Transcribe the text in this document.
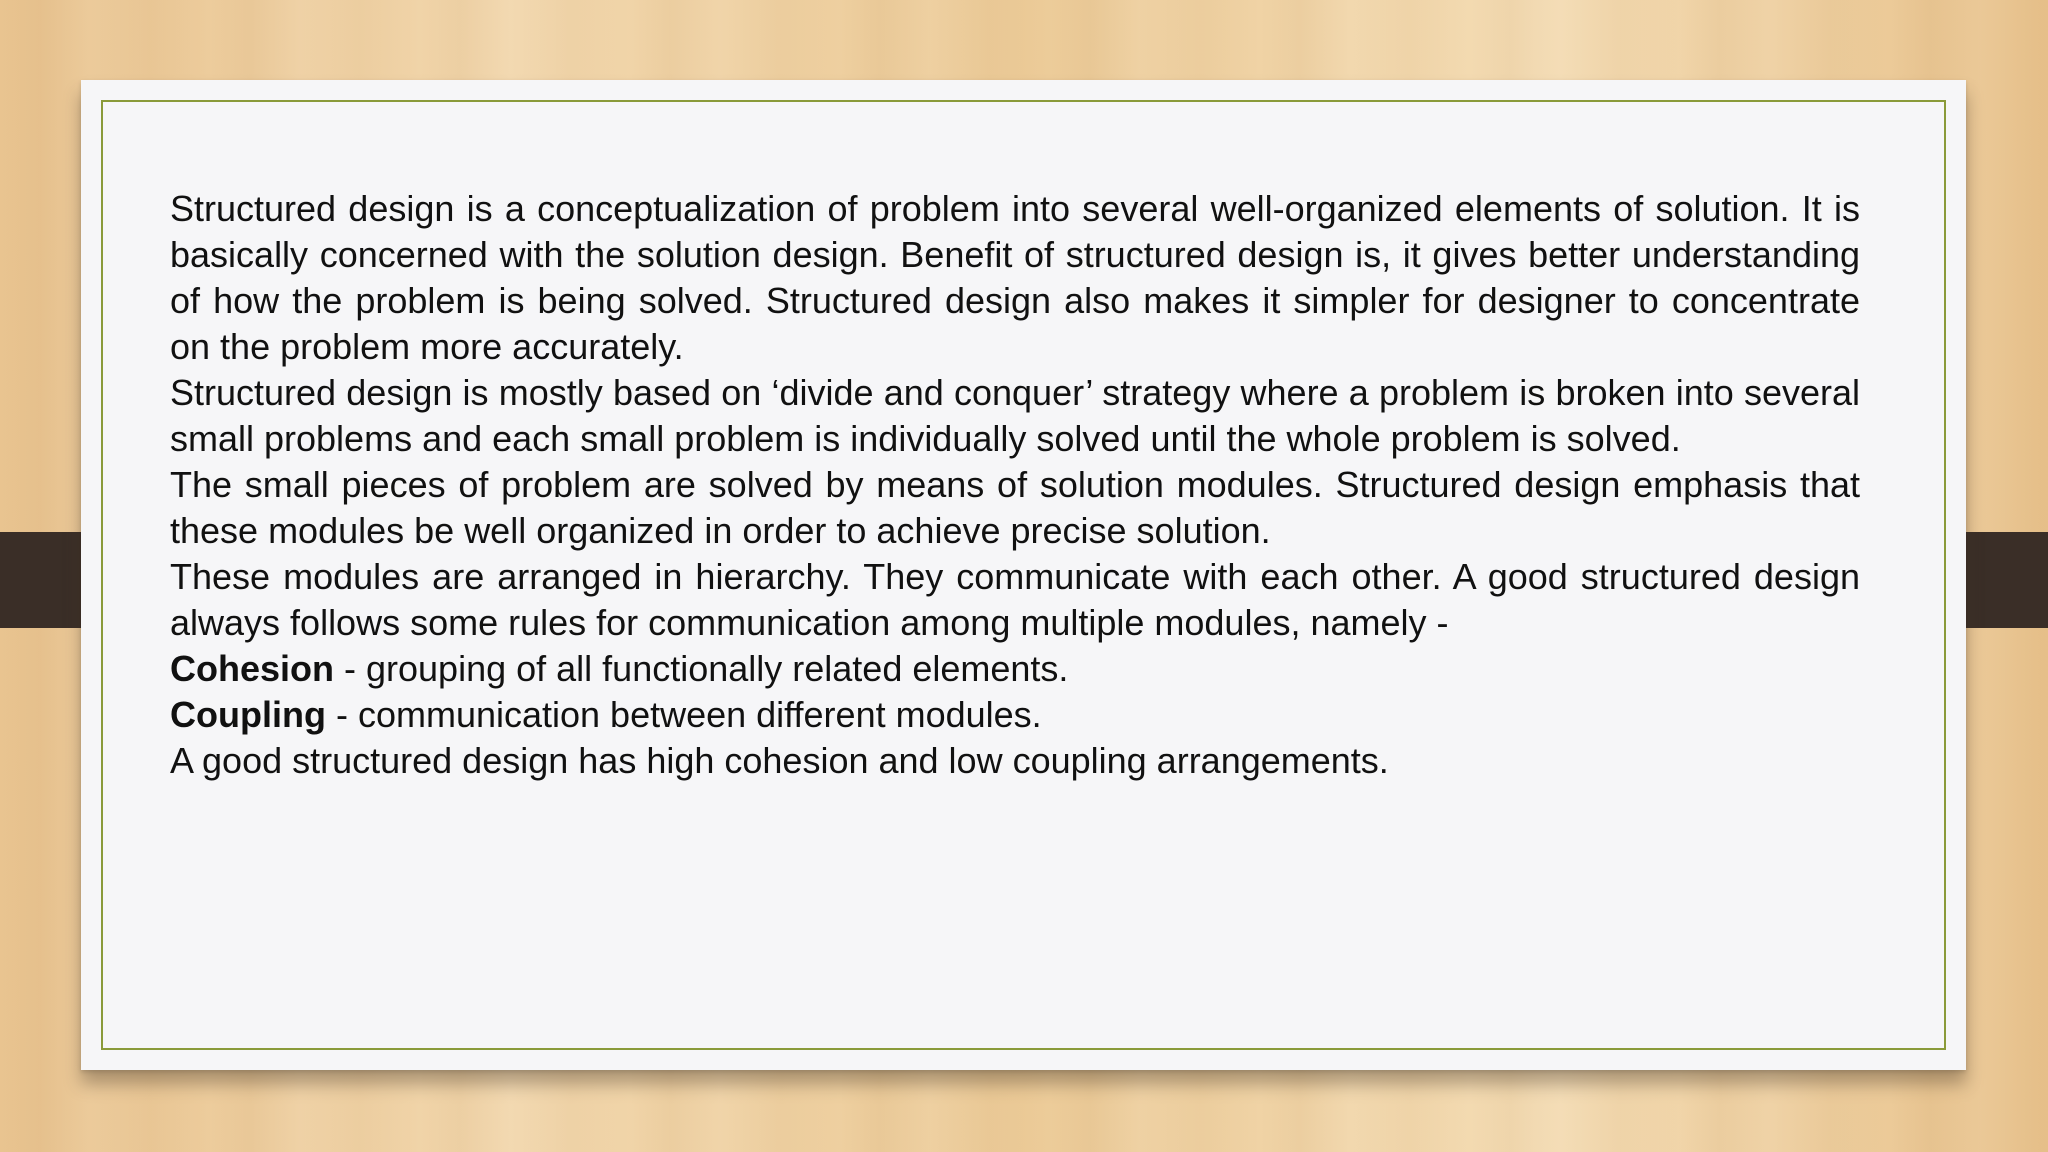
Structured design is a conceptualization of problem into several well-organized elements of solution. It is basically concerned with the solution design. Benefit of structured design is, it gives better understanding of how the problem is being solved. Structured design also makes it simpler for designer to concentrate on the problem more accurately.

Structured design is mostly based on ‘divide and conquer’ strategy where a problem is broken into several small problems and each small problem is individually solved until the whole problem is solved.

The small pieces of problem are solved by means of solution modules. Structured design emphasis that these modules be well organized in order to achieve precise solution.

These modules are arranged in hierarchy. They communicate with each other. A good structured design always follows some rules for communication among multiple modules, namely -

Cohesion - grouping of all functionally related elements.

Coupling - communication between different modules.

A good structured design has high cohesion and low coupling arrangements.
